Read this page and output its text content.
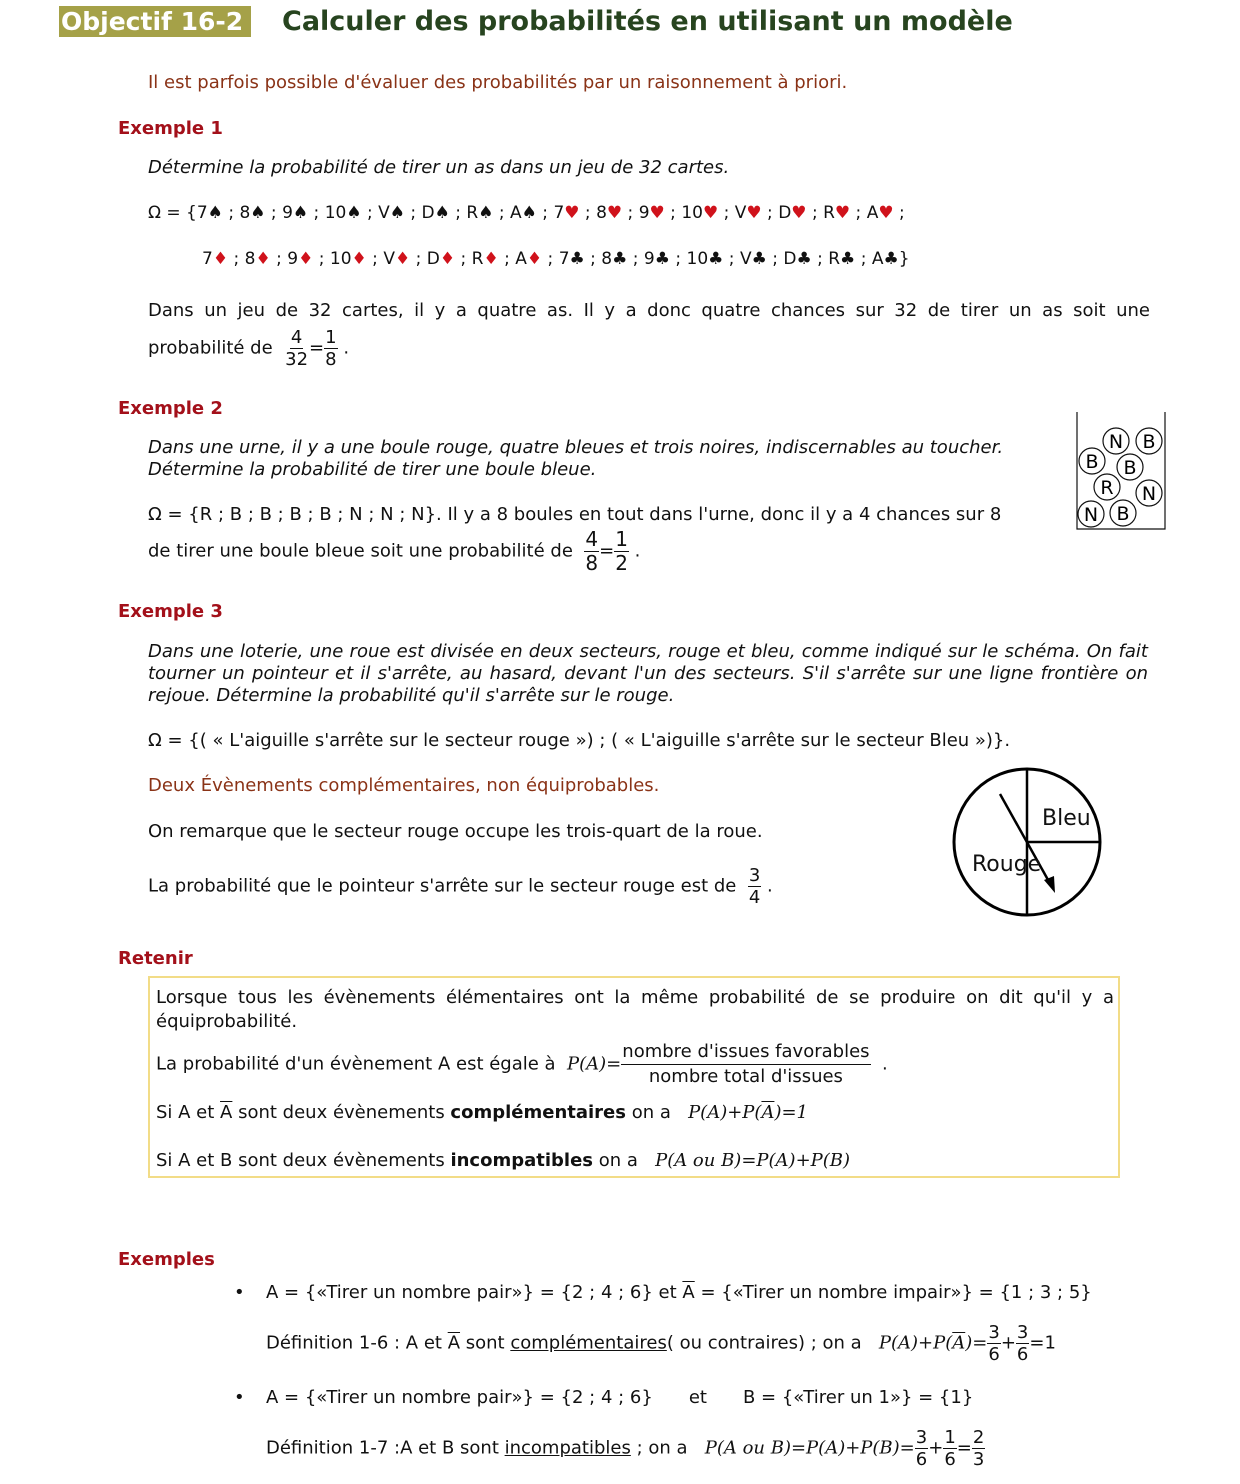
Objectif 16-2 Calculer des probabilités en utilisant un modèle
Il est parfois possible d'évaluer des probabilités par un raisonnement à priori.
Exemple 1
Détermine la probabilité de tirer un as dans un jeu de 32 cartes.
Ω = {7♠ ; 8♠ ; 9♠ ; 10♠ ; V♠ ; D♠ ; R♠ ; A♠ ; 7♥ ; 8♥ ; 9♥ ; 10♥ ; V♥ ; D♥ ; R♥ ; A♥ ;
7♦ ; 8♦ ; 9♦ ; 10♦ ; V♦ ; D♦ ; R♦ ; A♦ ; 7♣ ; 8♣ ; 9♣ ; 10♣ ; V♣ ; D♣ ; R♣ ; A♣}
Dans un jeu de 32 cartes, il y a quatre as. Il y a donc quatre chances sur 32 de tirer un as soit une
probabilité de $\frac{4}{32} = \frac{1}{8}$ .
Exemple 2
Dans une urne, il y a une boule rouge, quatre bleues et trois noires, indiscernables au toucher.
Détermine la probabilité de tirer une boule bleue.
Ω = {R ; B ; B ; B ; B ; N ; N ; N}. Il y a 8 boules en tout dans l'urne, donc il y a 4 chances sur 8
de tirer une boule bleue soit une probabilité de $\frac{4}{8} = \frac{1}{2}$ .
N B
B B
R N
N B
Exemple 3
Dans une loterie, une roue est divisée en deux secteurs, rouge et bleu, comme indiqué sur le schéma. On fait tourner un pointeur et il s'arrête, au hasard, devant l'un des secteurs. S'il s'arrête sur une ligne frontière on rejoue. Détermine la probabilité qu'il s'arrête sur le rouge.
Ω = {( « L'aiguille s'arrête sur le secteur rouge ») ; ( « L'aiguille s'arrête sur le secteur Bleu »)}.
Deux Évènements complémentaires, non équiprobables.
On remarque que le secteur rouge occupe les trois-quart de la roue.
La probabilité que le pointeur s'arrête sur le secteur rouge est de $\frac{3}{4}$ .
Bleu
Rouge
Retenir
Lorsque tous les évènements élémentaires ont la même probabilité de se produire on dit qu'il y a équiprobabilité.
La probabilité d'un évènement A est égale à $P(A)= \frac{\text{nombre d'issues favorables}}{\text{nombre total d'issues}}$ .
Si A et $\overline{A}$ sont deux évènements complémentaires on a $P(A)+P(\overline{A})=1$
Si A et B sont deux évènements incompatibles on a P(A ou B)=P(A)+P(B)
Exemples
• A = {«Tirer un nombre pair»} = {2 ; 4 ; 6} et $\overline{A}$ = {«Tirer un nombre impair»} = {1 ; 3 ; 5}
Définition 1-6 : A et $\overline{A}$ sont complémentaires( ou contraires) ; on a $P(A)+P(\overline{A})= \frac{3}{6} + \frac{3}{6} =1$
• A = {«Tirer un nombre pair»} = {2 ; 4 ; 6} et B = {«Tirer un 1»} = {1}
Définition 1-7 :A et B sont incompatibles ; on a P(A ou $B)=P(A)+P(B)= \frac{3}{6} + \frac{1}{6} = \frac{2}{3}$
